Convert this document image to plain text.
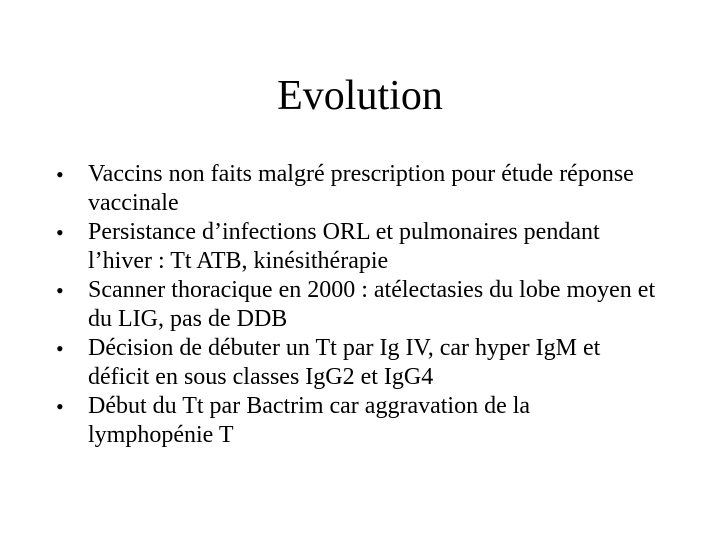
Evolution
•	Vaccins non faits malgré prescription pour étude réponse vaccinale
•	Persistance d’infections ORL et pulmonaires pendant l’hiver : Tt ATB, kinésithérapie
•	Scanner thoracique en 2000 : atélectasies du lobe moyen et du LIG, pas de DDB
•	Décision de débuter un Tt par Ig IV, car hyper IgM et déficit en sous classes IgG2 et IgG4
•	Début du Tt par Bactrim car aggravation de la lymphopénie T
